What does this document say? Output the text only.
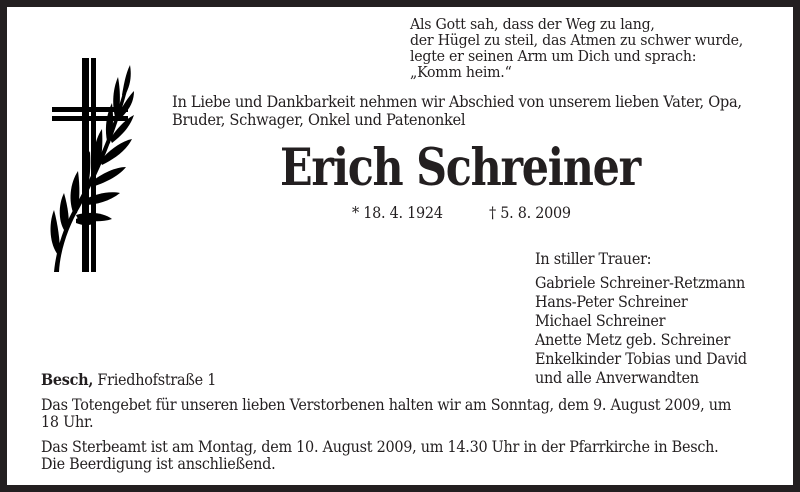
Als Gott sah, dass der Weg zu lang,
der Hügel zu steil, das Atmen zu schwer wurde,
legte er seinen Arm um Dich und sprach:
„Komm heim.“
In Liebe und Dankbarkeit nehmen wir Abschied von unserem lieben Vater, Opa,
Bruder, Schwager, Onkel und Patenonkel
Erich Schreiner
* 18. 4. 1924	† 5. 8. 2009
In stiller Trauer:
Gabriele Schreiner-Retzmann
Hans-Peter Schreiner
Michael Schreiner
Anette Metz geb. Schreiner
Enkelkinder Tobias und David
und alle Anverwandten
Besch, Friedhofstraße 1
Das Totengebet für unseren lieben Verstorbenen halten wir am Sonntag, dem 9. August 2009, um
18 Uhr.
Das Sterbeamt ist am Montag, dem 10. August 2009, um 14.30 Uhr in der Pfarrkirche in Besch.
Die Beerdigung ist anschließend.
